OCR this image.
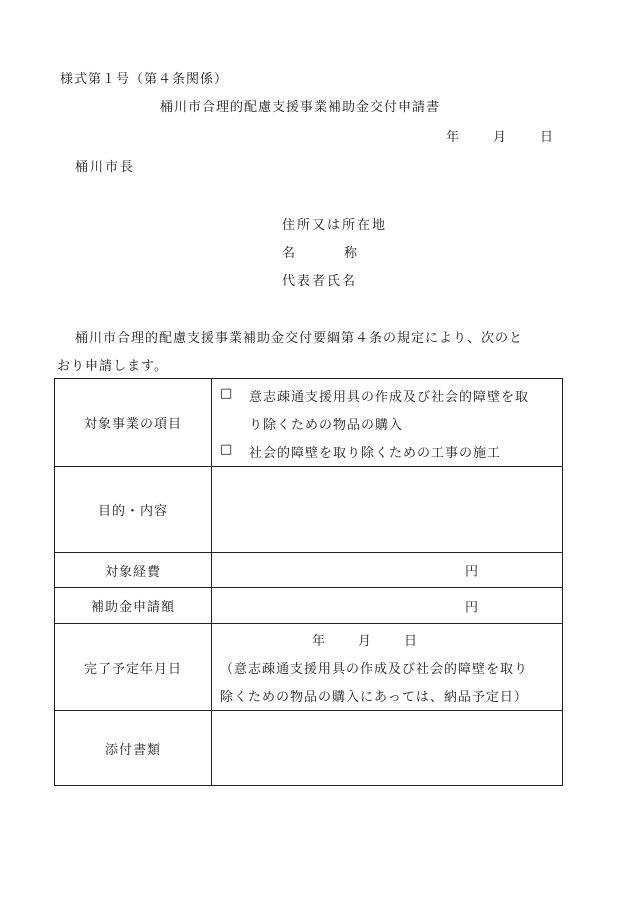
様式第１号（第４条関係）
桶川市合理的配慮支援事業補助金交付申請書
年	月	日
桶川市長
住所又は所在地
名	称
代表者氏名
桶川市合理的配慮支援事業補助金交付要綱第４条の規定により、次のと
おり申請します。
対象事業の項目	□ 意志疎通支援用具の作成及び社会的障壁を取
り除くための物品の購入
□ 社会的障壁を取り除くための工事の施工

目的・内容	
対象経費	円

補助金申請額	円

完了予定年月日	年 月 日
（意志疎通支援用具の作成及び社会的障壁を取り
除くための物品の購入にあっては、納品予定日）

添付書類	
